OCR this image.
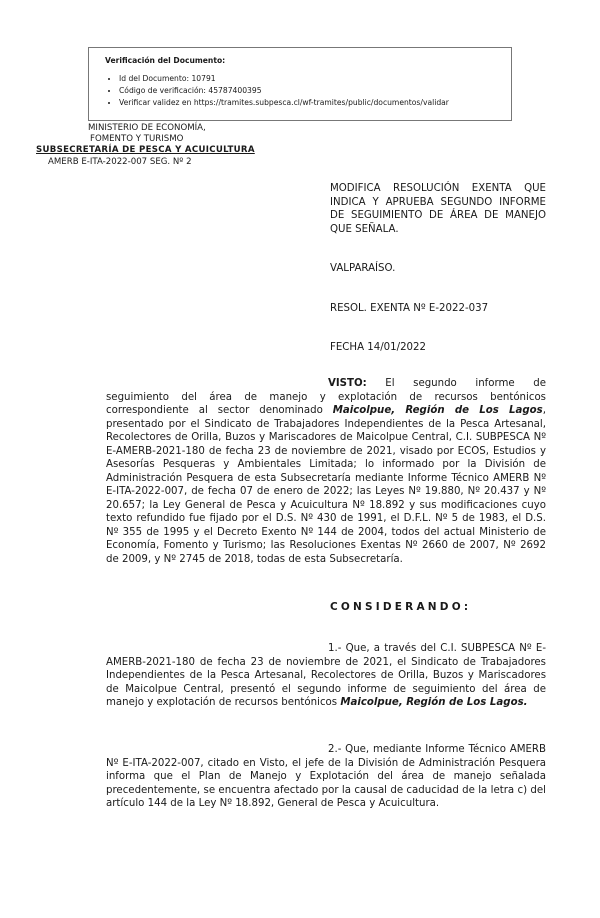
Verificación del Documento:
• Id del Documento: 10791
• Código de verificación: 45787400395
• Verificar validez en https://tramites.subpesca.cl/wf-tramites/public/documentos/validar
MINISTERIO DE ECONOMÍA,
FOMENTO Y TURISMO
SUBSECRETARÍA DE PESCA Y ACUICULTURA
AMERB E-ITA-2022-007 SEG. Nº 2
MODIFICA RESOLUCIÓN EXENTA QUE INDICA Y APRUEBA SEGUNDO INFORME DE SEGUIMIENTO DE ÁREA DE MANEJO QUE SEÑALA.
VALPARAÍSO.
RESOL. EXENTA Nº E-2022-037
FECHA 14/01/2022
VISTO: El segundo informe de seguimiento del área de manejo y explotación de recursos bentónicos correspondiente al sector denominado Maicolpue, Región de Los Lagos, presentado por el Sindicato de Trabajadores Independientes de la Pesca Artesanal, Recolectores de Orilla, Buzos y Mariscadores de Maicolpue Central, C.I. SUBPESCA Nº E-AMERB-2021-180 de fecha 23 de noviembre de 2021, visado por ECOS, Estudios y Asesorías Pesqueras y Ambientales Limitada; lo informado por la División de Administración Pesquera de esta Subsecretaría mediante Informe Técnico AMERB Nº E-ITA-2022-007, de fecha 07 de enero de 2022; las Leyes Nº 19.880, Nº 20.437 y Nº 20.657; la Ley General de Pesca y Acuicultura Nº 18.892 y sus modificaciones cuyo texto refundido fue fijado por el D.S. Nº 430 de 1991, el D.F.L. Nº 5 de 1983, el D.S. Nº 355 de 1995 y el Decreto Exento Nº 144 de 2004, todos del actual Ministerio de Economía, Fomento y Turismo; las Resoluciones Exentas Nº 2660 de 2007, Nº 2692 de 2009, y Nº 2745 de 2018, todas de esta Subsecretaría.
CONSIDERANDO:
1.- Que, a través del C.I. SUBPESCA Nº E-AMERB-2021-180 de fecha 23 de noviembre de 2021, el Sindicato de Trabajadores Independientes de la Pesca Artesanal, Recolectores de Orilla, Buzos y Mariscadores de Maicolpue Central, presentó el segundo informe de seguimiento del área de manejo y explotación de recursos bentónicos Maicolpue, Región de Los Lagos.
2.- Que, mediante Informe Técnico AMERB Nº E-ITA-2022-007, citado en Visto, el jefe de la División de Administración Pesquera informa que el Plan de Manejo y Explotación del área de manejo señalada precedentemente, se encuentra afectado por la causal de caducidad de la letra c) del artículo 144 de la Ley Nº 18.892, General de Pesca y Acuicultura.
